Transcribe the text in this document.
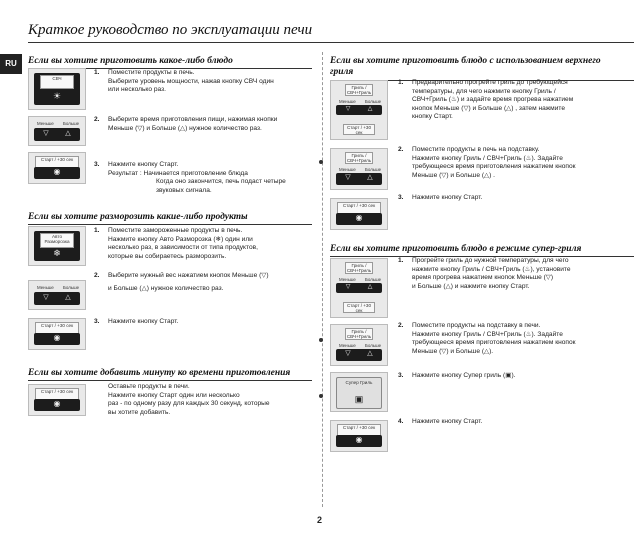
Краткое руководство по эксплуатации печи
RU	Если вы хотите приготовить какое-либо блюдо
СВЧ
☀
Меньше Больше
▽	△
Старт / +30 сек
◉
1. Поместите продукты в печь.
Выберите уровень мощности, нажав кнопку СВЧ один
или несколько раз.
2. Выберите время приготовления пищи, нажимая кнопки
Меньше (▽) и Больше (△) нужное количество раз.
3. Нажмите кнопку Старт.
Результат : Начинается приготовление блюда
Когда оно закончится, печь подаст четыре
звуковых сигнала.
Если вы хотите разморозить какие-либо продукты
Авто Разморозка
❄
Меньше Больше
▽	△
Старт / +30 сек
◉
1. Поместите замороженные продукты в печь.
Нажмите кнопку Авто Разморозка (❄) один или
несколько раз, в зависимости от типа продуктов,
которые вы собираетесь разморозить.
2. Выберите нужный вес нажатием кнопок Меньше (▽)
и Больше (△) нужное количество раз.
3. Нажмите кнопку Старт.
Если вы хотите добавить минуту ко времени приготовления
Старт / +30 сек
◉
Оставьте продукты в печи.
Нажмите кнопку Старт один или несколько
раз - по одному разу для каждых 30 секунд, которые
вы хотите добавить.
Если вы хотите приготовить блюдо с использованием верхнего
гриля
Гриль / СВЧ+Гриль
Меньше Больше
▽	△
Старт / +30 сек
Гриль / СВЧ+Гриль
Меньше Больше
▽	△
Старт / +30 сек
◉
1. Предварительно прогрейте гриль до требующейся
температуры, для чего нажмите кнопку Гриль /
СВЧ+Гриль (♨) и задайте время прогрева нажатием
кнопок Меньше (▽) и Больше (△) , затем нажмите
кнопку Старт.
2. Поместите продукты в печь на подставку.
Нажмите кнопку Гриль / СВЧ+Гриль (♨). Задайте
требующееся время приготовления нажатием кнопок
Меньше (▽) и Больше (△) .
3. Нажмите кнопку Старт.
Если вы хотите приготовить блюдо в режиме супер-гриля
Гриль / СВЧ+Гриль
Меньше Больше
▽	△
Старт / +30 сек
Гриль / СВЧ+Гриль
Меньше Больше
▽	△
Супер Гриль
▣
Старт / +30 сек
◉
1. Прогрейте гриль до нужной температуры, для чего
нажмите кнопку Гриль / СВЧ+Гриль (♨), установите
время прогрева нажатием кнопок Меньше (▽)
и Больше (△) и нажмите кнопку Старт.
2. Поместите продукты на подставку в печи.
Нажмите кнопку Гриль / СВЧ+Гриль (♨). Задайте
требующееся время приготовления нажатием кнопок
Меньше (▽) и Больше (△).
3. Нажмите кнопку Супер гриль (▣).
4. Нажмите кнопку Старт.
2
